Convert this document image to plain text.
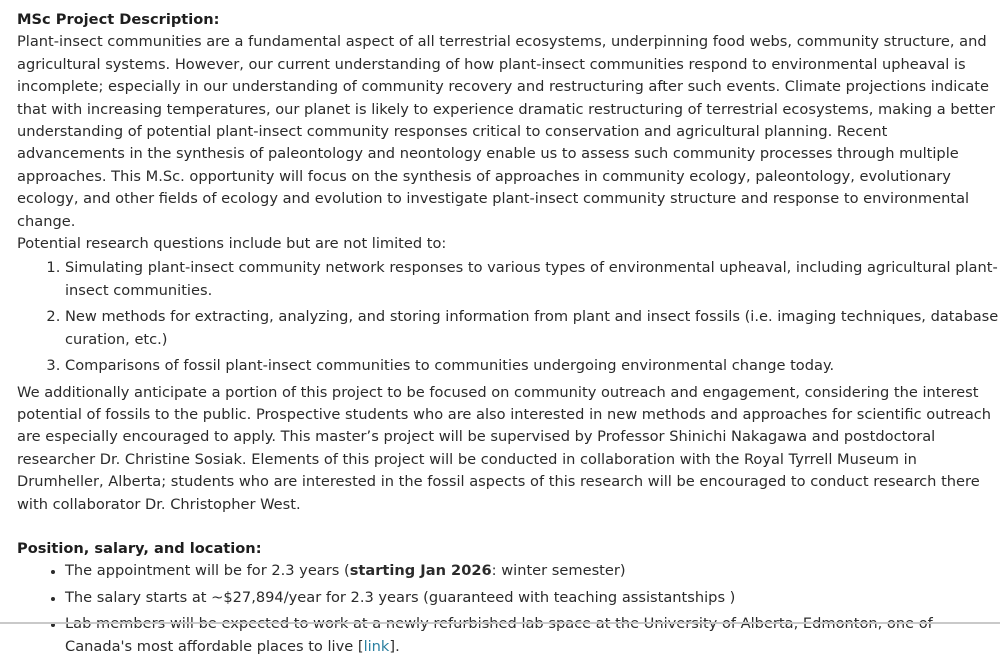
MSc Project Description:

Plant-insect communities are a fundamental aspect of all terrestrial ecosystems, underpinning food webs, community structure, and agricultural systems. However, our current understanding of how plant-insect communities respond to environmental upheaval is incomplete; especially in our understanding of community recovery and restructuring after such events. Climate projections indicate that with increasing temperatures, our planet is likely to experience dramatic restructuring of terrestrial ecosystems, making a better understanding of potential plant-insect community responses critical to conservation and agricultural planning. Recent advancements in the synthesis of paleontology and neontology enable us to assess such community processes through multiple approaches. This M.Sc. opportunity will focus on the synthesis of approaches in community ecology, paleontology, evolutionary ecology, and other fields of ecology and evolution to investigate plant-insect community structure and response to environmental change.

Potential research questions include but are not limited to:

1. Simulating plant-insect community network responses to various types of environmental upheaval, including agricultural plant-insect communities.
2. New methods for extracting, analyzing, and storing information from plant and insect fossils (i.e. imaging techniques, database curation, etc.)
3. Comparisons of fossil plant-insect communities to communities undergoing environmental change today.

We additionally anticipate a portion of this project to be focused on community outreach and engagement, considering the interest potential of fossils to the public. Prospective students who are also interested in new methods and approaches for scientific outreach are especially encouraged to apply. This master’s project will be supervised by Professor Shinichi Nakagawa and postdoctoral researcher Dr. Christine Sosiak. Elements of this project will be conducted in collaboration with the Royal Tyrrell Museum in Drumheller, Alberta; students who are interested in the fossil aspects of this research will be encouraged to conduct research there with collaborator Dr. Christopher West.

Position, salary, and location:

• The appointment will be for 2.3 years (starting Jan 2026: winter semester)
• The salary starts at ~$27,894/year for 2.3 years (guaranteed with teaching assistantships )
• Canada's most affordable places to live [link].
